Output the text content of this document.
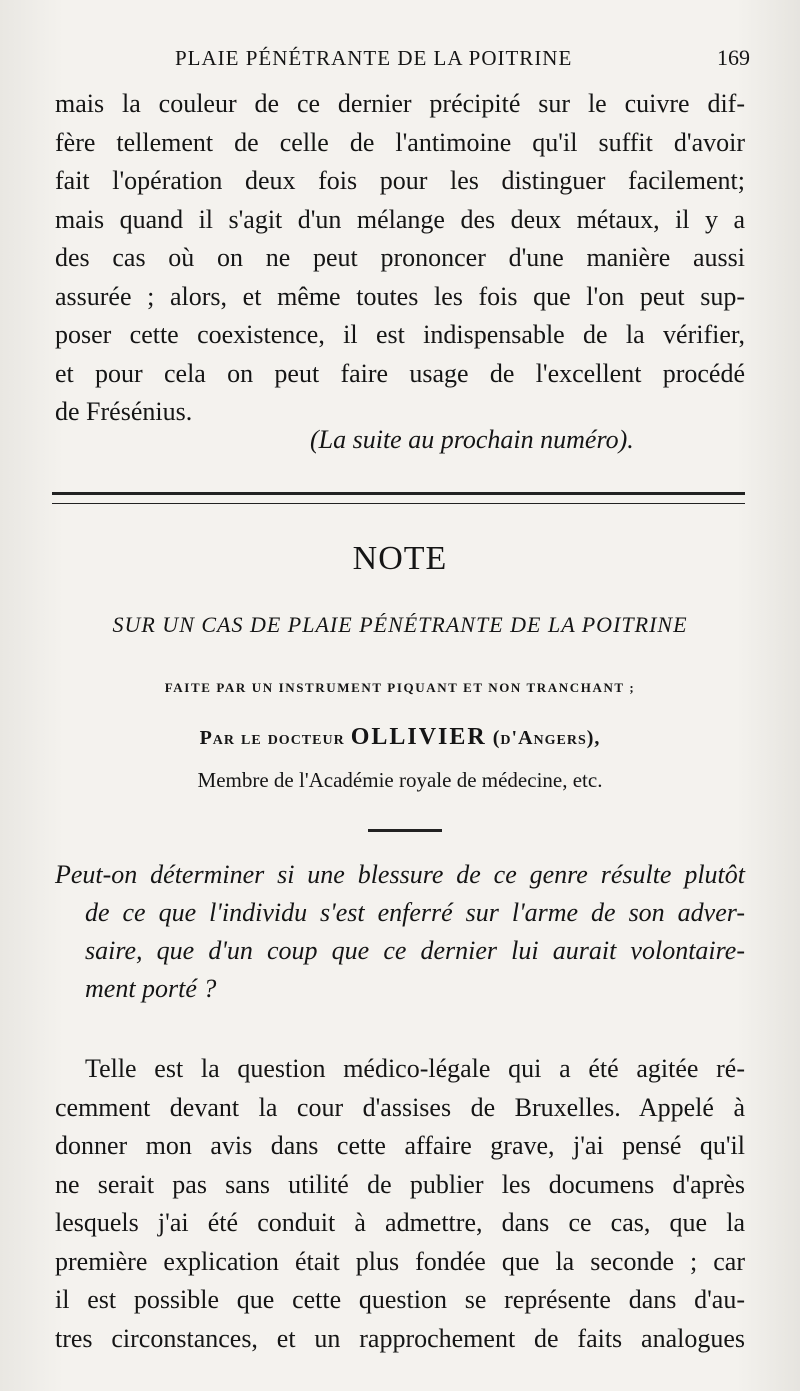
PLAIE PÉNÉTRANTE DE LA POITRINE	169

mais la couleur de ce dernier précipité sur le cuivre dif-
fère tellement de celle de l'antimoine qu'il suffit d'avoir
fait l'opération deux fois pour les distinguer facilement;
mais quand il s'agit d'un mélange des deux métaux, il y a
des cas où on ne peut prononcer d'une manière aussi
assurée ; alors, et même toutes les fois que l'on peut sup-
poser cette coexistence, il est indispensable de la vérifier,
et pour cela on peut faire usage de l'excellent procédé
de Frésénius.

(La suite au prochain numéro).
NOTE
SUR UN CAS DE PLAIE PÉNÉTRANTE DE LA POITRINE
FAITE PAR UN INSTRUMENT PIQUANT ET NON TRANCHANT ;
Par le docteur OLLIVIER (d'Angers),
Membre de l'Académie royale de médecine, etc.

Peut-on déterminer si une blessure de ce genre résulte plutôt
de ce que l'individu s'est enferré sur l'arme de son adver-
saire, que d'un coup que ce dernier lui aurait volontaire-
ment porté ?

Telle est la question médico-légale qui a été agitée ré-
cemment devant la cour d'assises de Bruxelles. Appelé à
donner mon avis dans cette affaire grave, j'ai pensé qu'il
ne serait pas sans utilité de publier les documens d'après
lesquels j'ai été conduit à admettre, dans ce cas, que la
première explication était plus fondée que la seconde ; car
il est possible que cette question se représente dans d'au-
tres circonstances, et un rapprochement de faits analogues
